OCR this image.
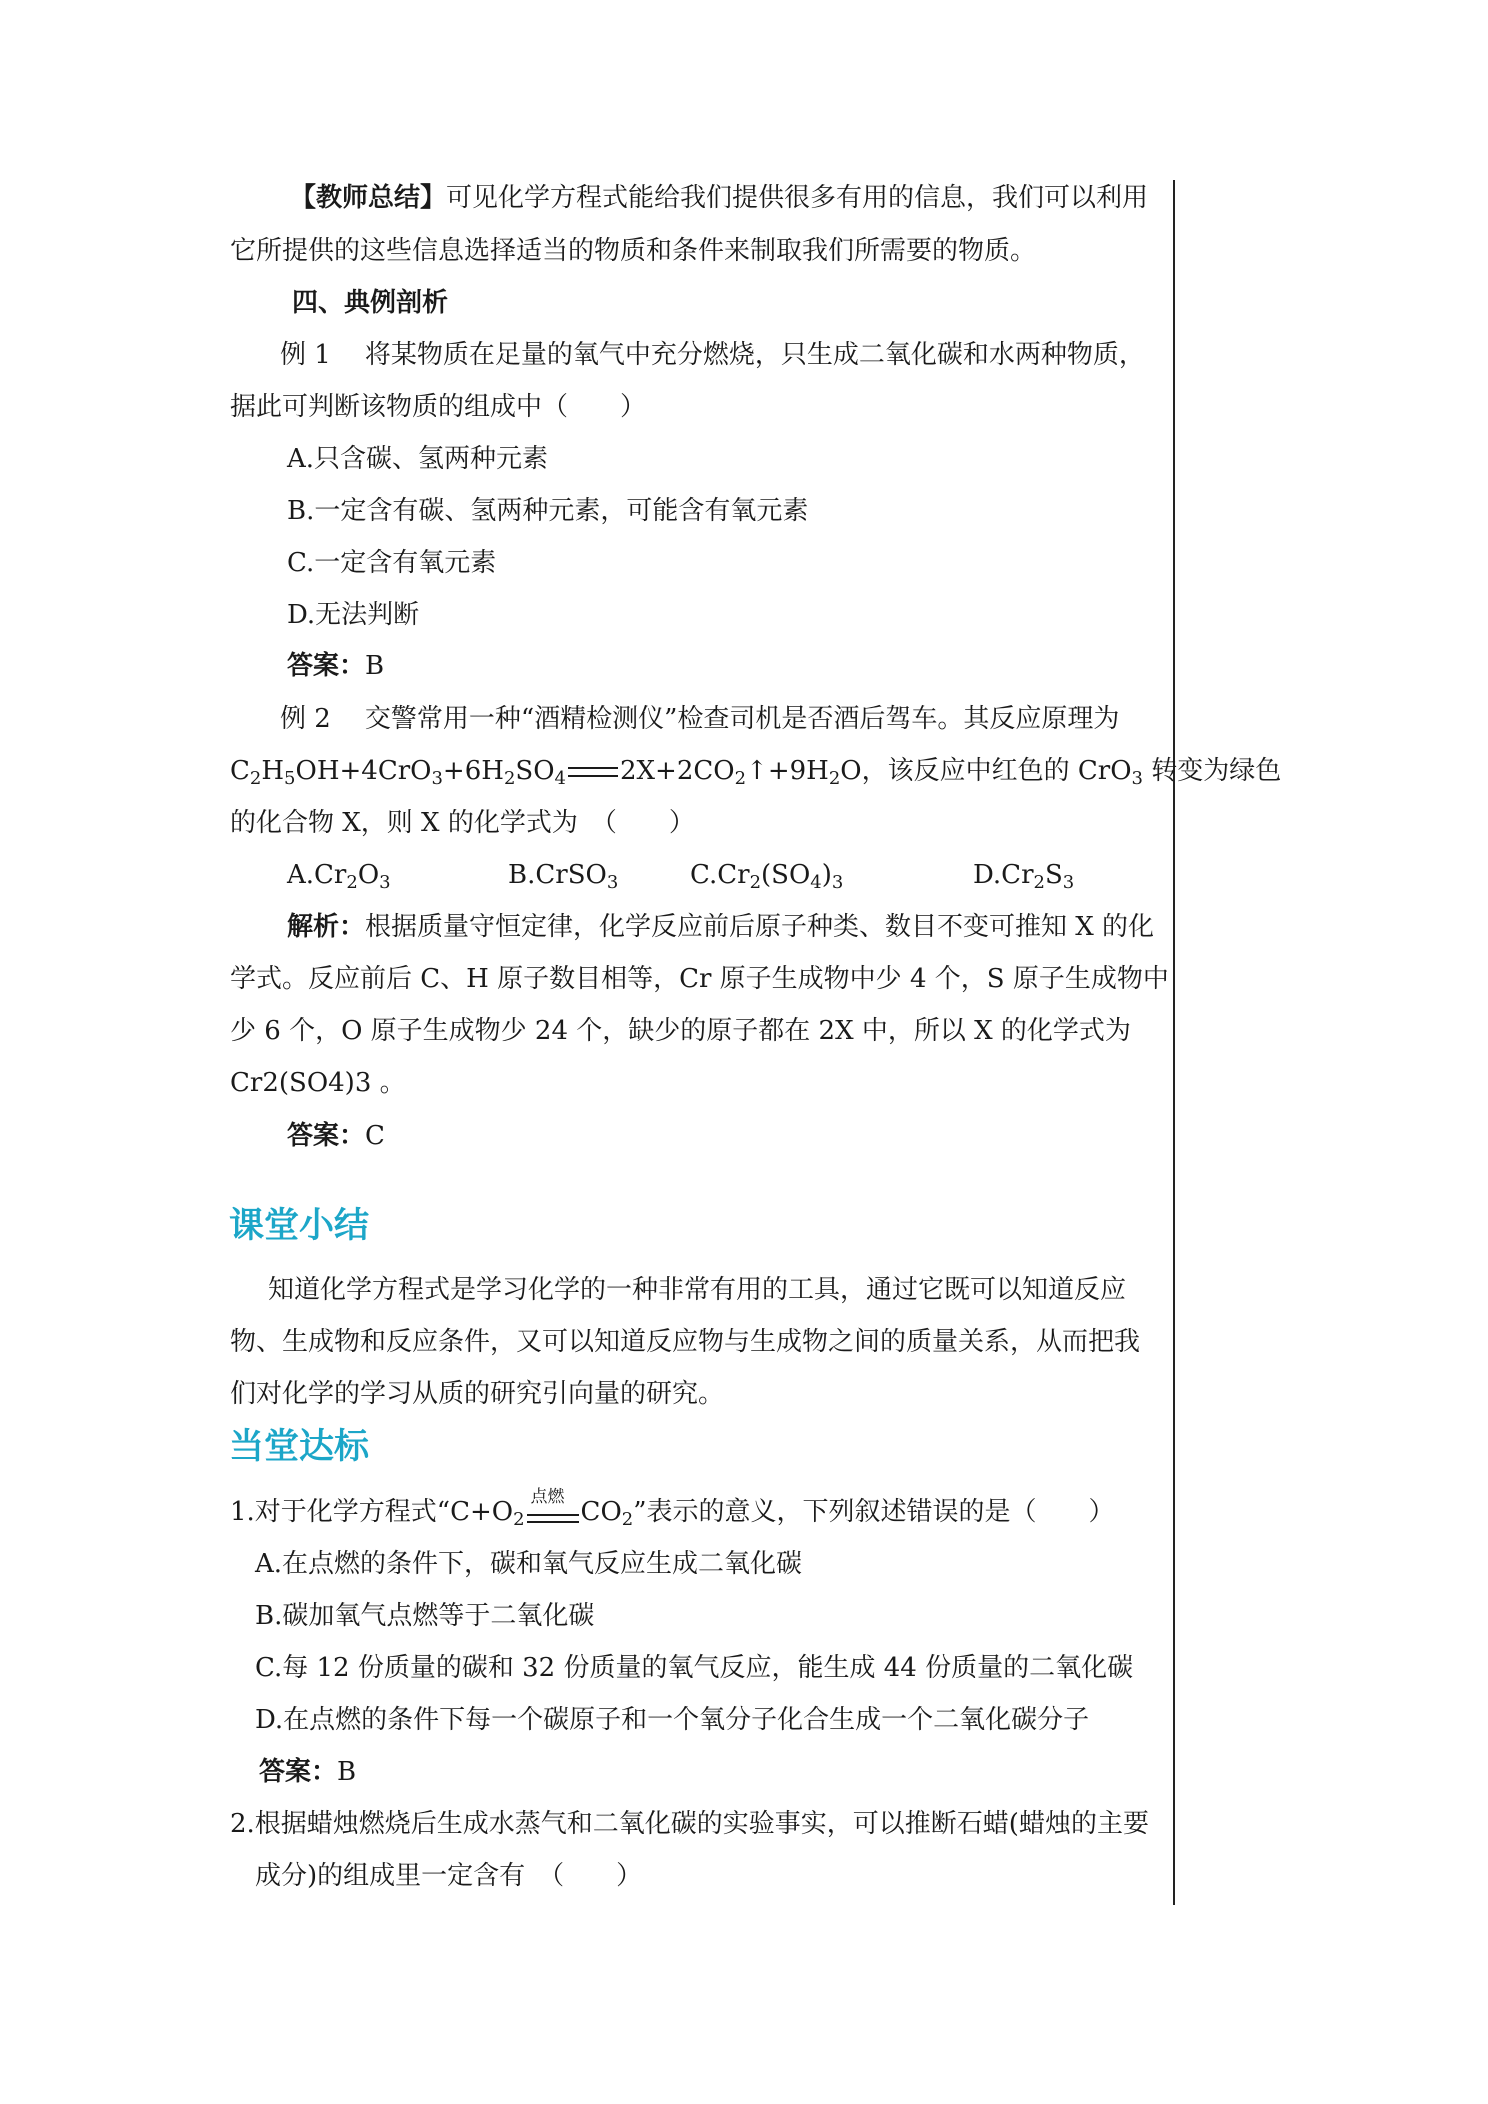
【教师总结】可见化学方程式能给我们提供很多有用的信息，我们可以利用
它所提供的这些信息选择适当的物质和条件来制取我们所需要的物质。
四、典例剖析
例 1 将某物质在足量的氧气中充分燃烧，只生成二氧化碳和水两种物质，
据此可判断该物质的组成中（　　）
A.只含碳、氢两种元素
B.一定含有碳、氢两种元素，可能含有氧元素
C.一定含有氧元素
D.无法判断
答案：B
例 2 交警常用一种“酒精检测仪”检查司机是否酒后驾车。其反应原理为
$C_2H_5OH+4CrO_3+6H_2SO_4$ $2X+2CO_2↑+9H_2O$，该反应中红色的 CrO$_3$ 转变为绿色
的化合物 X，则 X 的化学式为　（　　）
$A.Cr_2O_3$	B.CrSO$_3$	$C.Cr_2(SO_4)_3$	$D.Cr_2S_3$
解析：根据质量守恒定律，化学反应前后原子种类、数目不变可推知 X 的化
学式。反应前后 C、H 原子数目相等，Cr 原子生成物中少 4 个，S 原子生成物中
少 6 个，O 原子生成物少 24 个，缺少的原子都在 2X 中，所以 X 的化学式为
Cr2(SO4)3 。
答案：C
课堂小结
知道化学方程式是学习化学的一种非常有用的工具，通过它既可以知道反应
物、生成物和反应条件，又可以知道反应物与生成物之间的质量关系，从而把我
们对化学的学习从质的研究引向量的研究。
当堂达标
1.对于化学方程式“$C+O_2$
点燃 $CO_2$”表示的意义，下列叙述错误的是（　　）
A.在点燃的条件下，碳和氧气反应生成二氧化碳
B.碳加氧气点燃等于二氧化碳
C.每 12 份质量的碳和 32 份质量的氧气反应，能生成 44 份质量的二氧化碳
D.在点燃的条件下每一个碳原子和一个氧分子化合生成一个二氧化碳分子
答案：B
2.根据蜡烛燃烧后生成水蒸气和二氧化碳的实验事实，可以推断石蜡(蜡烛的主要
成分)的组成里一定含有　（　　）
